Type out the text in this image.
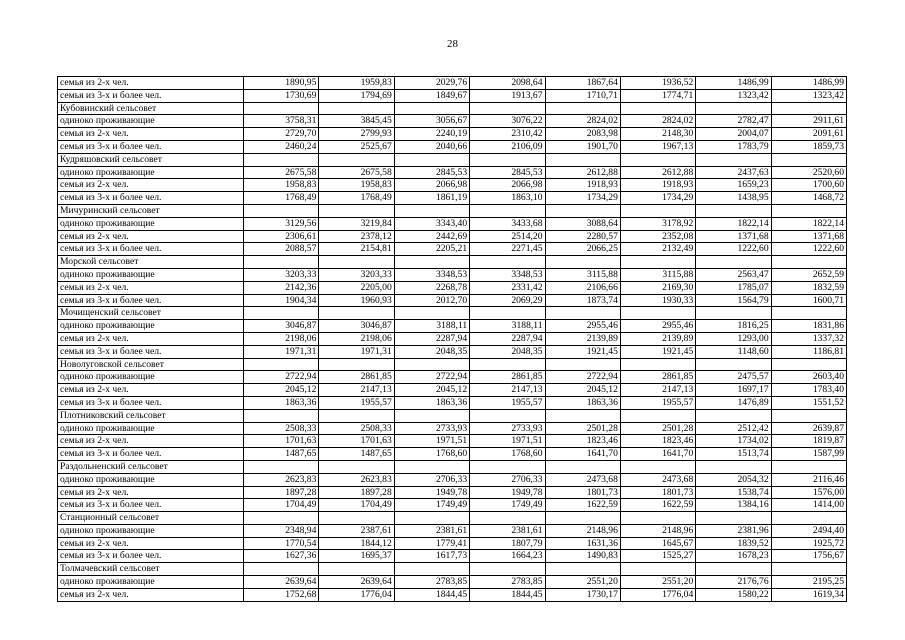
28
семья из 2-х чел.	1890,95	1959,83	2029,76	2098,64	1867,64	1936,52	1486,99	1486,99
семья из 3-х и более чел.	1730,69	1794,69	1849,67	1913,67	1710,71	1774,71	1323,42	1323,42
Кубовинский сельсовет								
одиноко проживающие	3758,31	3845,45	3056,67	3076,22	2824,02	2824,02	2782,47	2911,61
семья из 2-х чел.	2729,70	2799,93	2240,19	2310,42	2083,98	2148,30	2004,07	2091,61
семья из 3-х и более чел.	2460,24	2525,67	2040,66	2106,09	1901,70	1967,13	1783,79	1859,73
Кудряшовский сельсовет								
одиноко проживающие	2675,58	2675,58	2845,53	2845,53	2612,88	2612,88	2437,63	2520,60
семья из 2-х чел.	1958,83	1958,83	2066,98	2066,98	1918,93	1918,93	1659,23	1700,60
семья из 3-х и более чел.	1768,49	1768,49	1861,19	1863,10	1734,29	1734,29	1438,95	1468,72
Мичуринский сельсовет								
одиноко проживающие	3129,56	3219,84	3343,40	3433,68	3088,64	3178,92	1822,14	1822,14
семья из 2-х чел.	2306,61	2378,12	2442,69	2514,20	2280,57	2352,08	1371,68	1371,68
семья из 3-х и более чел.	2088,57	2154,81	2205,21	2271,45	2066,25	2132,49	1222,60	1222,60
Морской сельсовет								
одиноко проживающие	3203,33	3203,33	3348,53	3348,53	3115,88	3115,88	2563,47	2652,59
семья из 2-х чел.	2142,36	2205,00	2268,78	2331,42	2106,66	2169,30	1785,07	1832,59
семья из 3-х и более чел.	1904,34	1960,93	2012,70	2069,29	1873,74	1930,33	1564,79	1600,71
Мочищенский сельсовет								
одиноко проживающие	3046,87	3046,87	3188,11	3188,11	2955,46	2955,46	1816,25	1831,86
семья из 2-х чел.	2198,06	2198,06	2287,94	2287,94	2139,89	2139,89	1293,00	1337,32
семья из 3-х и более чел.	1971,31	1971,31	2048,35	2048,35	1921,45	1921,45	1148,60	1186,81
Новолуговской сельсовет								
одиноко проживающие	2722,94	2861,85	2722,94	2861,85	2722,94	2861,85	2475,57	2603,40
семья из 2-х чел.	2045,12	2147,13	2045,12	2147,13	2045,12	2147,13	1697,17	1783,40
семья из 3-х и более чел.	1863,36	1955,57	1863,36	1955,57	1863,36	1955,57	1476,89	1551,52
Плотниковский сельсовет								
одиноко проживающие	2508,33	2508,33	2733,93	2733,93	2501,28	2501,28	2512,42	2639,87
семья из 2-х чел.	1701,63	1701,63	1971,51	1971,51	1823,46	1823,46	1734,02	1819,87
семья из 3-х и более чел.	1487,65	1487,65	1768,60	1768,60	1641,70	1641,70	1513,74	1587,99
Раздольненский сельсовет								
одиноко проживающие	2623,83	2623,83	2706,33	2706,33	2473,68	2473,68	2054,32	2116,46
семья из 2-х чел.	1897,28	1897,28	1949,78	1949,78	1801,73	1801,73	1538,74	1576,00
семья из 3-х и более чел.	1704,49	1704,49	1749,49	1749,49	1622,59	1622,59	1384,16	1414,00
Станционный сельсовет								
одиноко проживающие	2348,94	2387,61	2381,61	2381,61	2148,96	2148,96	2381,96	2494,40
семья из 2-х чел.	1770,54	1844,12	1779,41	1807,79	1631,36	1645,67	1839,52	1925,72
семья из 3-х и более чел.	1627,36	1695,37	1617,73	1664,23	1490,83	1525,27	1678,23	1756,67
Толмачевский сельсовет								
одиноко проживающие	2639,64	2639,64	2783,85	2783,85	2551,20	2551,20	2176,76	2195,25
семья из 2-х чел.	1752,68	1776,04	1844,45	1844,45	1730,17	1776,04	1580,22	1619,34
